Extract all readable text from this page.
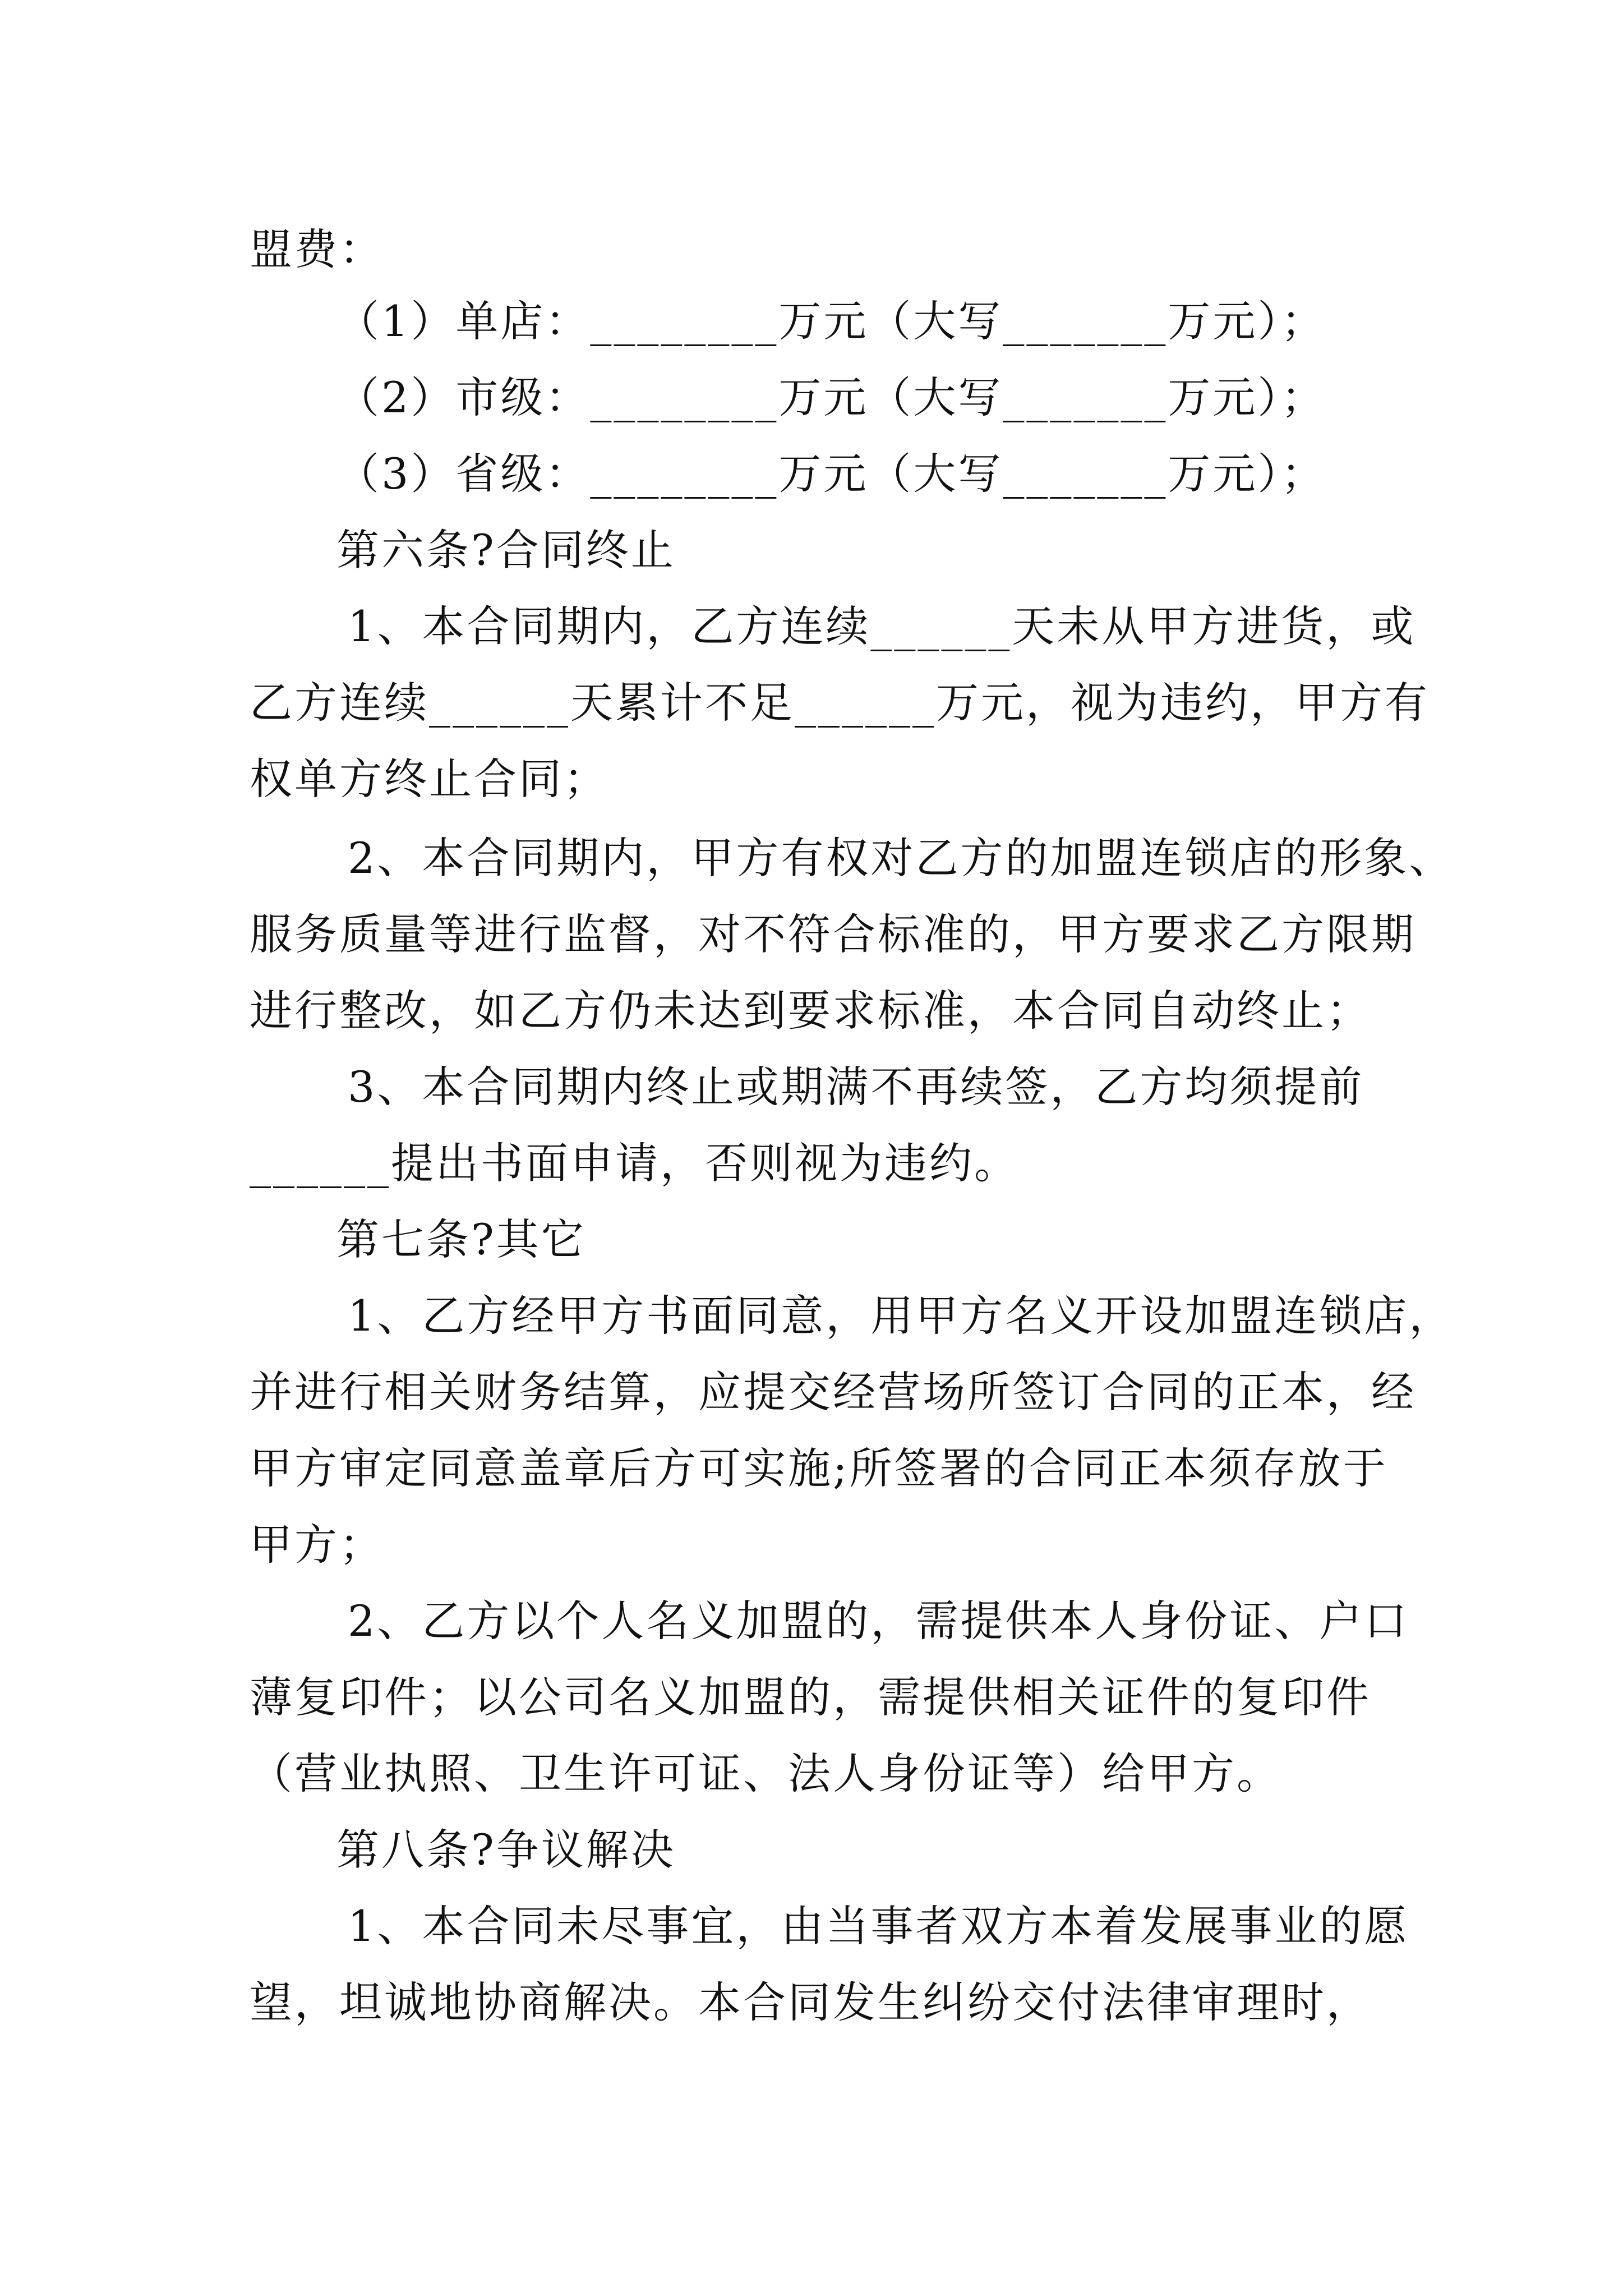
盟费：
（1）单店：________万元（大写_______万元）；
（2）市级：________万元（大写_______万元）；
（3）省级：________万元（大写_______万元）；
第六条?合同终止
1、本合同期内，乙方连续______天未从甲方进货，或
乙方连续______天累计不足______万元，视为违约，甲方有
权单方终止合同；
2、本合同期内，甲方有权对乙方的加盟连锁店的形象、
服务质量等进行监督，对不符合标准的，甲方要求乙方限期
进行整改，如乙方仍未达到要求标准，本合同自动终止；
3、本合同期内终止或期满不再续签，乙方均须提前
______提出书面申请，否则视为违约。
第七条?其它
1、乙方经甲方书面同意，用甲方名义开设加盟连锁店，
并进行相关财务结算，应提交经营场所签订合同的正本，经
甲方审定同意盖章后方可实施;所签署的合同正本须存放于
甲方；
2、乙方以个人名义加盟的，需提供本人身份证、户口
薄复印件；以公司名义加盟的，需提供相关证件的复印件
（营业执照、卫生许可证、法人身份证等）给甲方。
第八条?争议解决
1、本合同未尽事宜，由当事者双方本着发展事业的愿
望，坦诚地协商解决。本合同发生纠纷交付法律审理时，
